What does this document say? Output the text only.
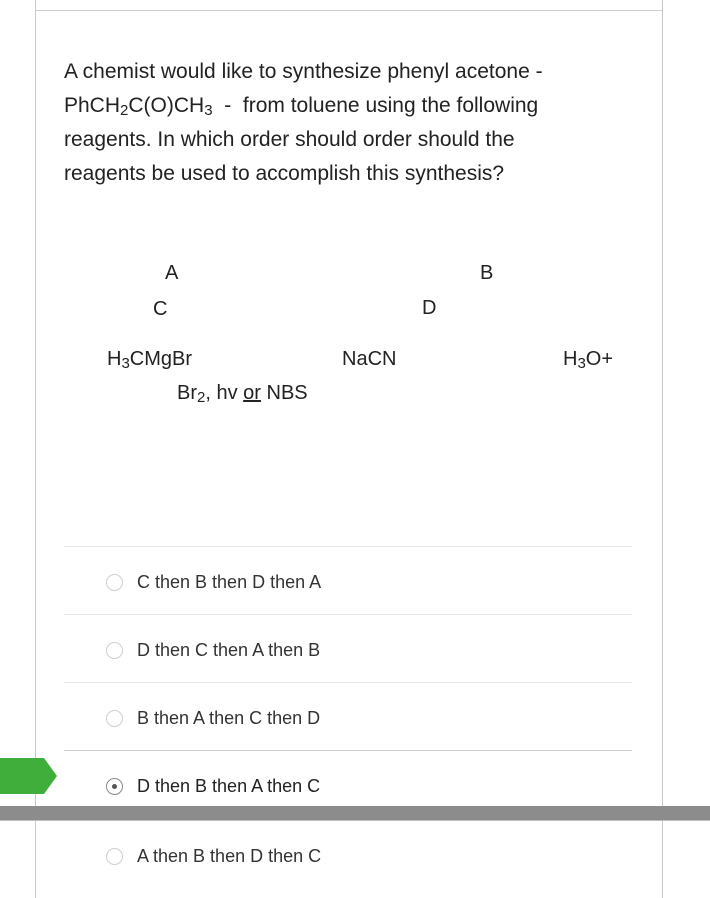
A chemist would like to synthesize phenyl acetone -
$PhCH_2C(O)CH_3$  -  from toluene using the following
reagents. In which order should order should the
reagents be used to accomplish this synthesis?
A
C
B
D
$H_3CMgBr$	NaCN	$H_3O+$
$Br_2$, hv or NBS
C then B then D then A
D then C then A then B
B then A then C then D
D then B then A then C
A then B then D then C
